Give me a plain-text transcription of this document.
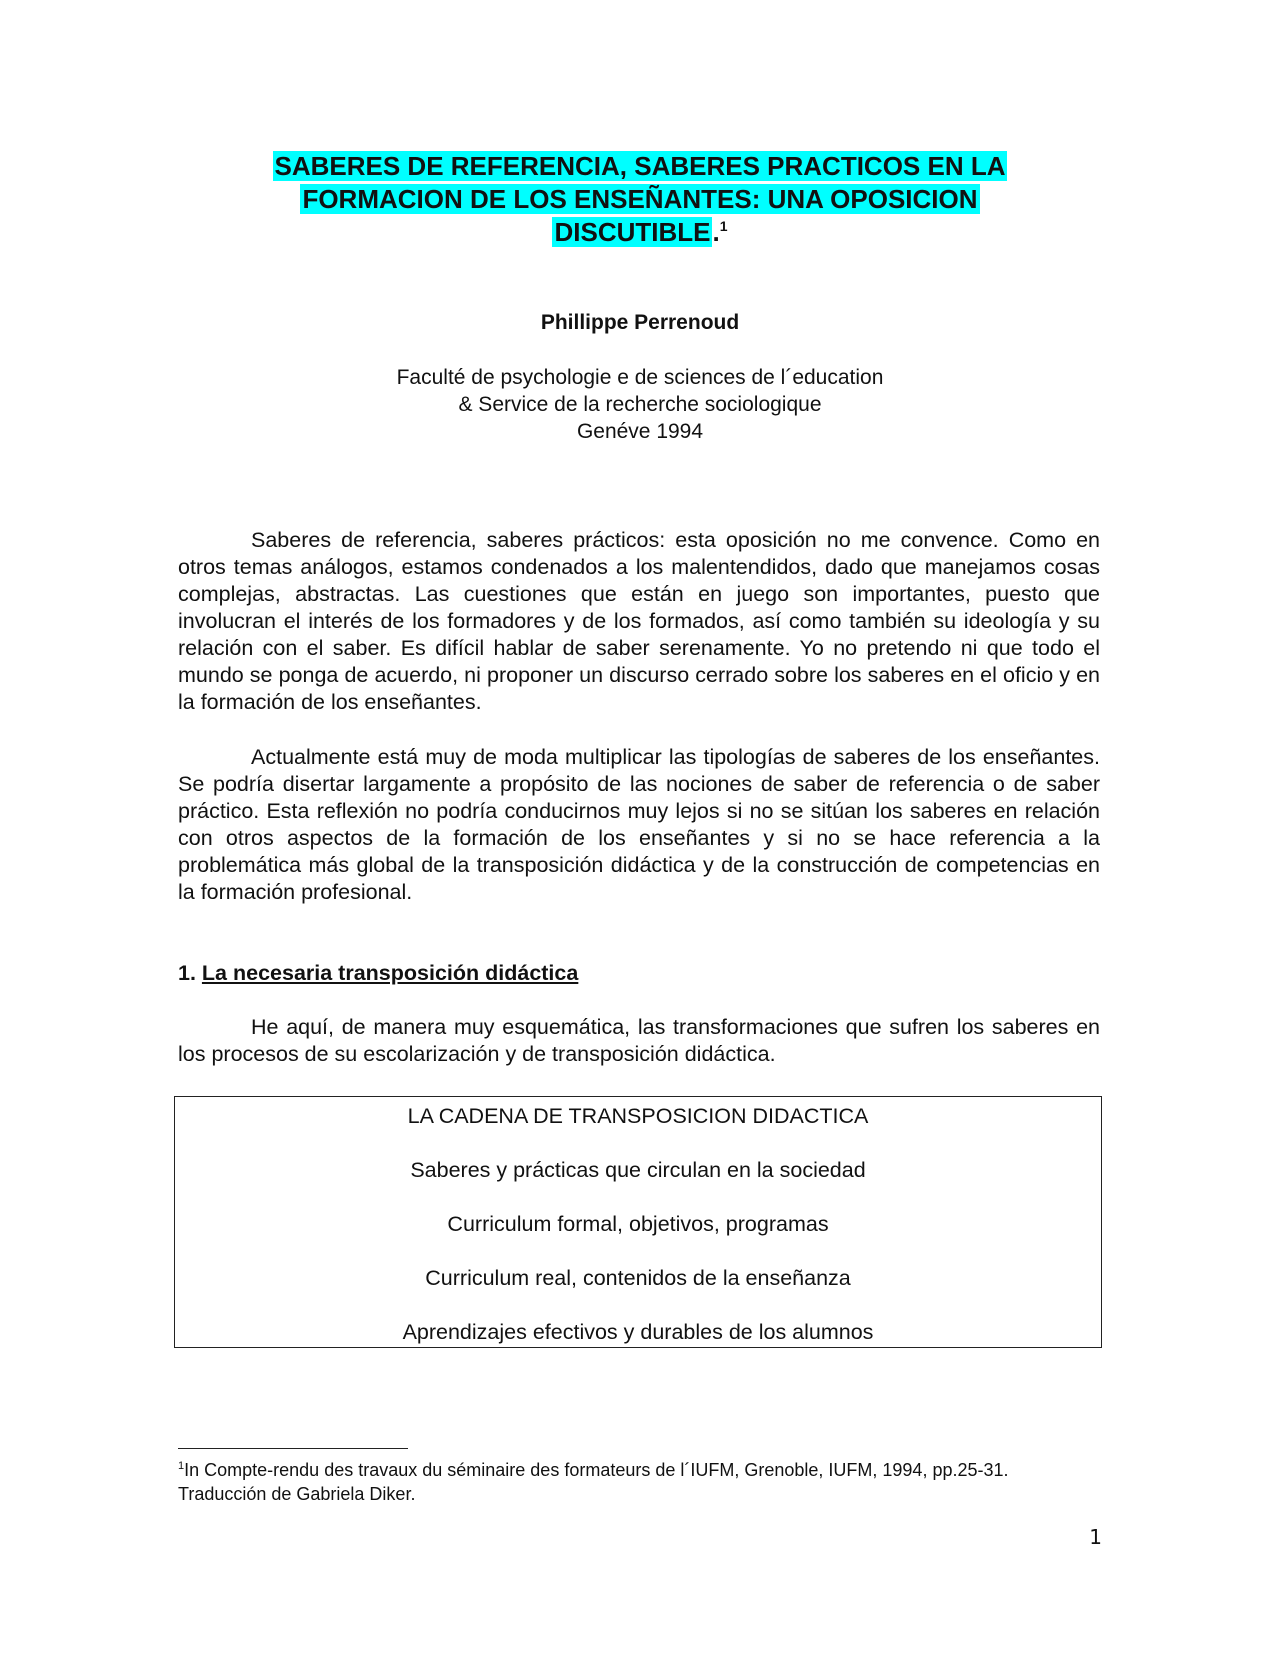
SABERES DE REFERENCIA, SABERES PRACTICOS EN LA
FORMACION DE LOS ENSEÑANTES: UNA OPOSICION
DISCUTIBLE.$^1$
Phillippe Perrenoud
Faculté de psychologie e de sciences de l´education
& Service de la recherche sociologique
Genéve 1994

Saberes de referencia, saberes prácticos: esta oposición no me convence. Como en otros temas análogos, estamos condenados a los malentendidos, dado que manejamos cosas complejas, abstractas. Las cuestiones que están en juego son importantes, puesto que involucran el interés de los formadores y de los formados, así como también su ideología y su relación con el saber. Es difícil hablar de saber serenamente. Yo no pretendo ni que todo el mundo se ponga de acuerdo, ni proponer un discurso cerrado sobre los saberes en el oficio y en la formación de los enseñantes.

Actualmente está muy de moda multiplicar las tipologías de saberes de los enseñantes. Se podría disertar largamente a propósito de las nociones de saber de referencia o de saber práctico. Esta reflexión no podría conducirnos muy lejos si no se sitúan los saberes en relación con otros aspectos de la formación de los enseñantes y si no se hace referencia a la problemática más global de la transposición didáctica y de la construcción de competencias en la formación profesional.

1. La necesaria transposición didáctica

He aquí, de manera muy esquemática, las transformaciones que sufren los saberes en los procesos de su escolarización y de transposición didáctica.

LA CADENA DE TRANSPOSICION DIDACTICA
Saberes y prácticas que circulan en la sociedad
Curriculum formal, objetivos, programas
Curriculum real, contenidos de la enseñanza
Aprendizajes efectivos y durables de los alumnos

$^1$In Compte-rendu des travaux du séminaire des formateurs de l´IUFM, Grenoble, IUFM, 1994, pp.25-31. Traducción de Gabriela Diker.

1
